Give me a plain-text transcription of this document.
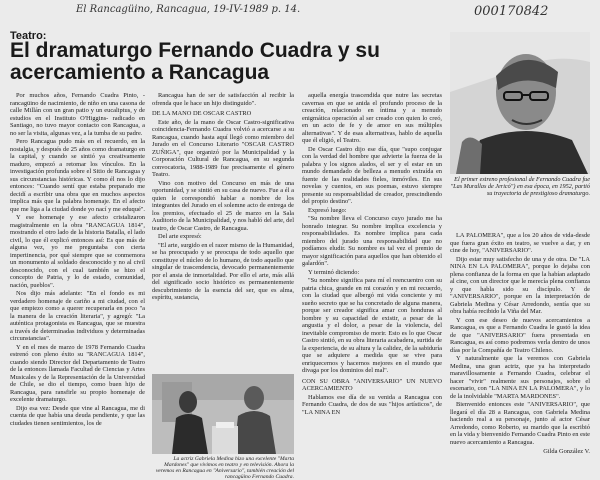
El Rancagüino, Rancagua, 19-IV-1989 p. 14.	000170842
Teatro:
El dramaturgo Fernando Cuadra y su acercamiento a Rancagua

Por muchos años, Fernando Cuadra Pinto, -rancagüino de nacimiento, de niño en una casona de calle Millán con un gran patio y un eucaliptus, y de estudios en el Instituto O'Higgins- radicado en Santiago, no tuvo mayor contacto con Rancagua, a no ser la visita, algunas vez, a la tumba de su padre.

Pero Rancagua pudo más en el recuerdo, en la nostalgia, y después de 25 años como dramaturgo en la capital, y cuando se sintió ya creativamente maduro, empezó a retomar los vínculos. En la investigación profunda sobre el Sitio de Rancagua y sus circunstancias históricas. Y como él nos lo dijo entonces: "Cuando sentí que estaba preparado me decidí a escribir una obra que en muchos aspectos implica más que la palabra homenaje. En el afecto que me liga a la ciudad donde yo nací y me eduqué".

Y ese homenaje y ese afecto cristalizaron magistralmente en la obra "RANCAGUA 1814", mostrando el otro lado de la historia Batalla, el lado civil, lo que él explicó entonces así: Es que más de alguna vez, yo me preguntaba con cierta impertinencia, por qué siempre que se conmemora un monumento al soldado desconocido y no al civil desconocido, con el cual también se hizo el concepto de Patria, y lo de estado, comunidad, nación, pueblos".

Nos dijo más adelante: "En el fondo es mi verdadero homenaje de cariño a mi ciudad, con el que empiezo como a querer recuperarla en poco "a la manera de la creación literaria", y agregó: "La auténtica protagonista es Rancagua, que se muestra a través de determinadas individuos y determinadas circunstancias".

Y en el mes de marzo de 1978 Fernando Cuadra estrenó con pleno éxito su "RANCAGUA 1814", cuando siendo Director del Departamento de Teatro de la entonces llamada Facultad de Ciencias y Artes Musicales y de la Representación de la Universidad de Chile, se dio el tiempo, como buen hijo de Rancagua, para ransfirle su propio homenaje de excelente dramaturgo.

Dijo esa vez: Desde que vine al Rancagua, me di cuenta de que había una deuda pendiente, y que las ciudades tienen sentimientos, los de

Rancagua han de ser de satisfacción al recibir la ofrenda que le hace un hijo distinguido".

DE LA MANO DE OSCAR CASTRO

Este año, de la mano de Oscar Castro-significativa coincidencia-Fernando Cuadra volvió a acercarse a su Rancagua, cuando hasta aquí llegó como miembro del Jurado en el Concurso Literario "OSCAR CASTRO ZUÑIGA", que organizó por la Municipalidad y la Corporación Cultural de Rancagua, en su segunda convocatoria, 1988-1989 fue precisamente el género Teatro.

Vino con motivo del Concurso en más de una oportunidad, y se sintió en su casa de nuevo. Fue a él a quien le correspondió hablar a nombre de los integrantes del Jurado en el solemne acto de entrega de los premios, efectuado el 25 de marzo en la Sala Auditorio de la Municipalidad, y nos habló del arte, del teatro, de Oscar Castro, de Rancagua.

Del arte expresó:

"El arte, surgido en el razer mismo de la Humanidad, se ha preocupado y se preocupa de todo aquello que constituye el núcleo de lo humano, de todo aquello que singular de trascendencia, devocado permanentemente por el ansia de inmortalidad. Por ello el arte, más allá del significado socio histórico es permanentemente descubrimiento de la esencia del ser, que es alma, espíritu, sustancia,

La actriz Gabriela Medina hizo una excelente "Marta Mardones" que vivimos en teatro y en televisión. Ahora la veremos en Rancagua en "Aniversario", también creación del rancagüino Fernando Cuadra.

aquella energía trascendida que nutre las secretas cavernas en que se anida el profundo proceso de la creación, relacionado en íntima y a menudo enigmática operación al ser creado con quien lo creó, en un acto de fe y de amor en sus múltiples alternativas". Y de esas alternativas, hablo de aquella que él eligió, el Teatro.

De Oscar Castro dijo ese día, que "supo conjugar con la verdad del hombre que advierte la fuerza de la palabra y los signos alados, el ser y el estar en un mundo demandado de belleza a menudo extraída en fuente de las realidades fieles, inmóviles. En sus novelas y cuentos, en sus poemas, estuvo siempre presente su responsabilidad de creador, prescindiendo del propio destino".

Expresó luego:

"Su nombre lleva el Concurso cuyo jurado me ha honrado integrar. Su nombre implica excelencia y responsabilidades. Es nombre implica para cada miembro del jurado una responsabilidad que no podíamos eludir. Su nombre es tal vez el premio de mayor significación para aquellos que han obtenido el galardón".

Y terminó diciendo:

"Su nombre significa para mí el reencuentro con su patria chica, grande en mi corazón y en mi recuerdo, con la ciudad que albergó mi vida conciente y mi sueño secreto que se ha concretado de alguna manera, porque ser creador significa amar con honduras al hombre y su capacidad de existir, a pesar de la angustia y el dolor, a pesar de la violencia, del inevitable compromiso de morir. Esto es lo que Oscar Castro sintió, en su obra literaria acabadera, surtida de la experiencia, de su altura y la calidez, de la sabiduría que se adquiere a medida que se vive para enriquecernos y hacernos mejores en el mundo que divaga por los dominios del mal".

CON SU OBRA "ANIVERSARIO" UN NUEVO ACERCAMIENTO

Hablamos ese día de su venida a Rancagua con Fernando Cuadra, de dos de sus "hijos artísticos", de "LA NINA EN

El primer estreno profesional de Fernando Cuadra fue "Las Murallas de Jericó") en esa época, en 1952, partió su trayectoria de prestigioso dramaturgo.

LA PALOMERA", que a los 20 años de vida-desde que fuera gran éxito en teatro, se vuelve a dar, y en cine de hoy, "ANIVERSARIO".

Dijo estar muy satisfecho de una y de otra. De "LA NINA EN LA PALOMERA", porque lo dejaba con plena confianza de la forma en que la habían adaptado al cine, con un director que le merecía plena confianza y que habla sido su discípulo. Y de "ANIVERSARIO", porque en la interpretación de Gabriela Medina y César Arredondo, sentía que su obra había recibido la Viña del Mar.

Y con ese deseo de nuevos acercamientos a Rancagua, es que a Fernando Cuadra le gustó la idea de que "ANIVERSARIO" fuera presentada en Rancagua, es así como podremos verla dentro de unos días por la Compañía de Teatro Chileno.

Y naturalmente que la veremos con Gabriela Medina, una gran actriz, que ya ha interpretado maravillosamente a Fernando Cuadra, celebrar el hacer "vivir" realmente sus personajes, sobre el escenario, con "LA NINA EN LA PALOMERA", y lo de la inolvidable "MARTA MARDONES".

Bienvenido entonces este "ANIVERSARIO", que llegará el día 28 a Rancagua, con Gabriela Medina haciendo real a su personaje, junto al actor César Arredondo, como Roberto, su marido que la escribió en la vida y bienvenido Fernando Cuadra Pinto en este nuevo acercamiento a Rancagua.

Gilda González V.
